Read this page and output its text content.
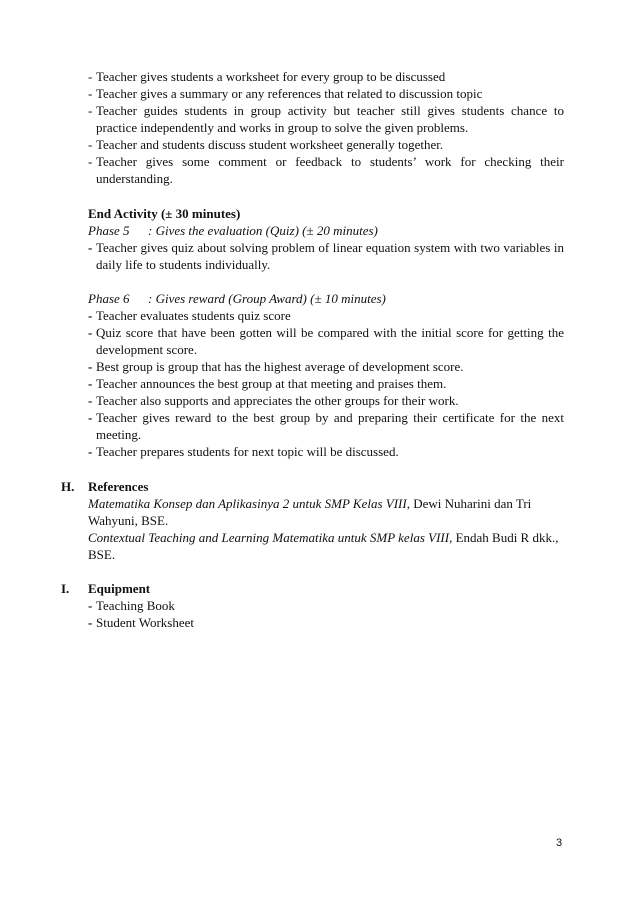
- Teacher gives students a worksheet for every group to be discussed
- Teacher gives a summary or any references that related to discussion topic
- Teacher guides students in group activity but teacher still gives students chance to practice independently and works in group to solve the given problems.
- Teacher and students discuss student worksheet generally together.
- Teacher gives some comment or feedback to students’ work for checking their understanding.
End Activity (± 30 minutes)
Phase 5	: Gives the evaluation (Quiz) (± 20 minutes)
- Teacher gives quiz about solving problem of linear equation system with two variables in daily life to students individually.
Phase 6	: Gives reward (Group Award) (± 10 minutes)
- Teacher evaluates students quiz score
- Quiz score that have been gotten will be compared with the initial score for getting the development score.
- Best group is group that has the highest average of development score.
- Teacher announces the best group at that meeting and praises them.
- Teacher also supports and appreciates the other groups for their work.
- Teacher gives reward to the best group by and preparing their certificate for the next meeting.
- Teacher prepares students for next topic will be discussed.
H. References
Matematika Konsep dan Aplikasinya 2 untuk SMP Kelas VIII, Dewi Nuharini dan Tri
Wahyuni, BSE.
Contextual Teaching and Learning Matematika untuk SMP kelas VIII, Endah Budi R dkk.,
BSE.
I. Equipment
- Teaching Book
- Student Worksheet
3
